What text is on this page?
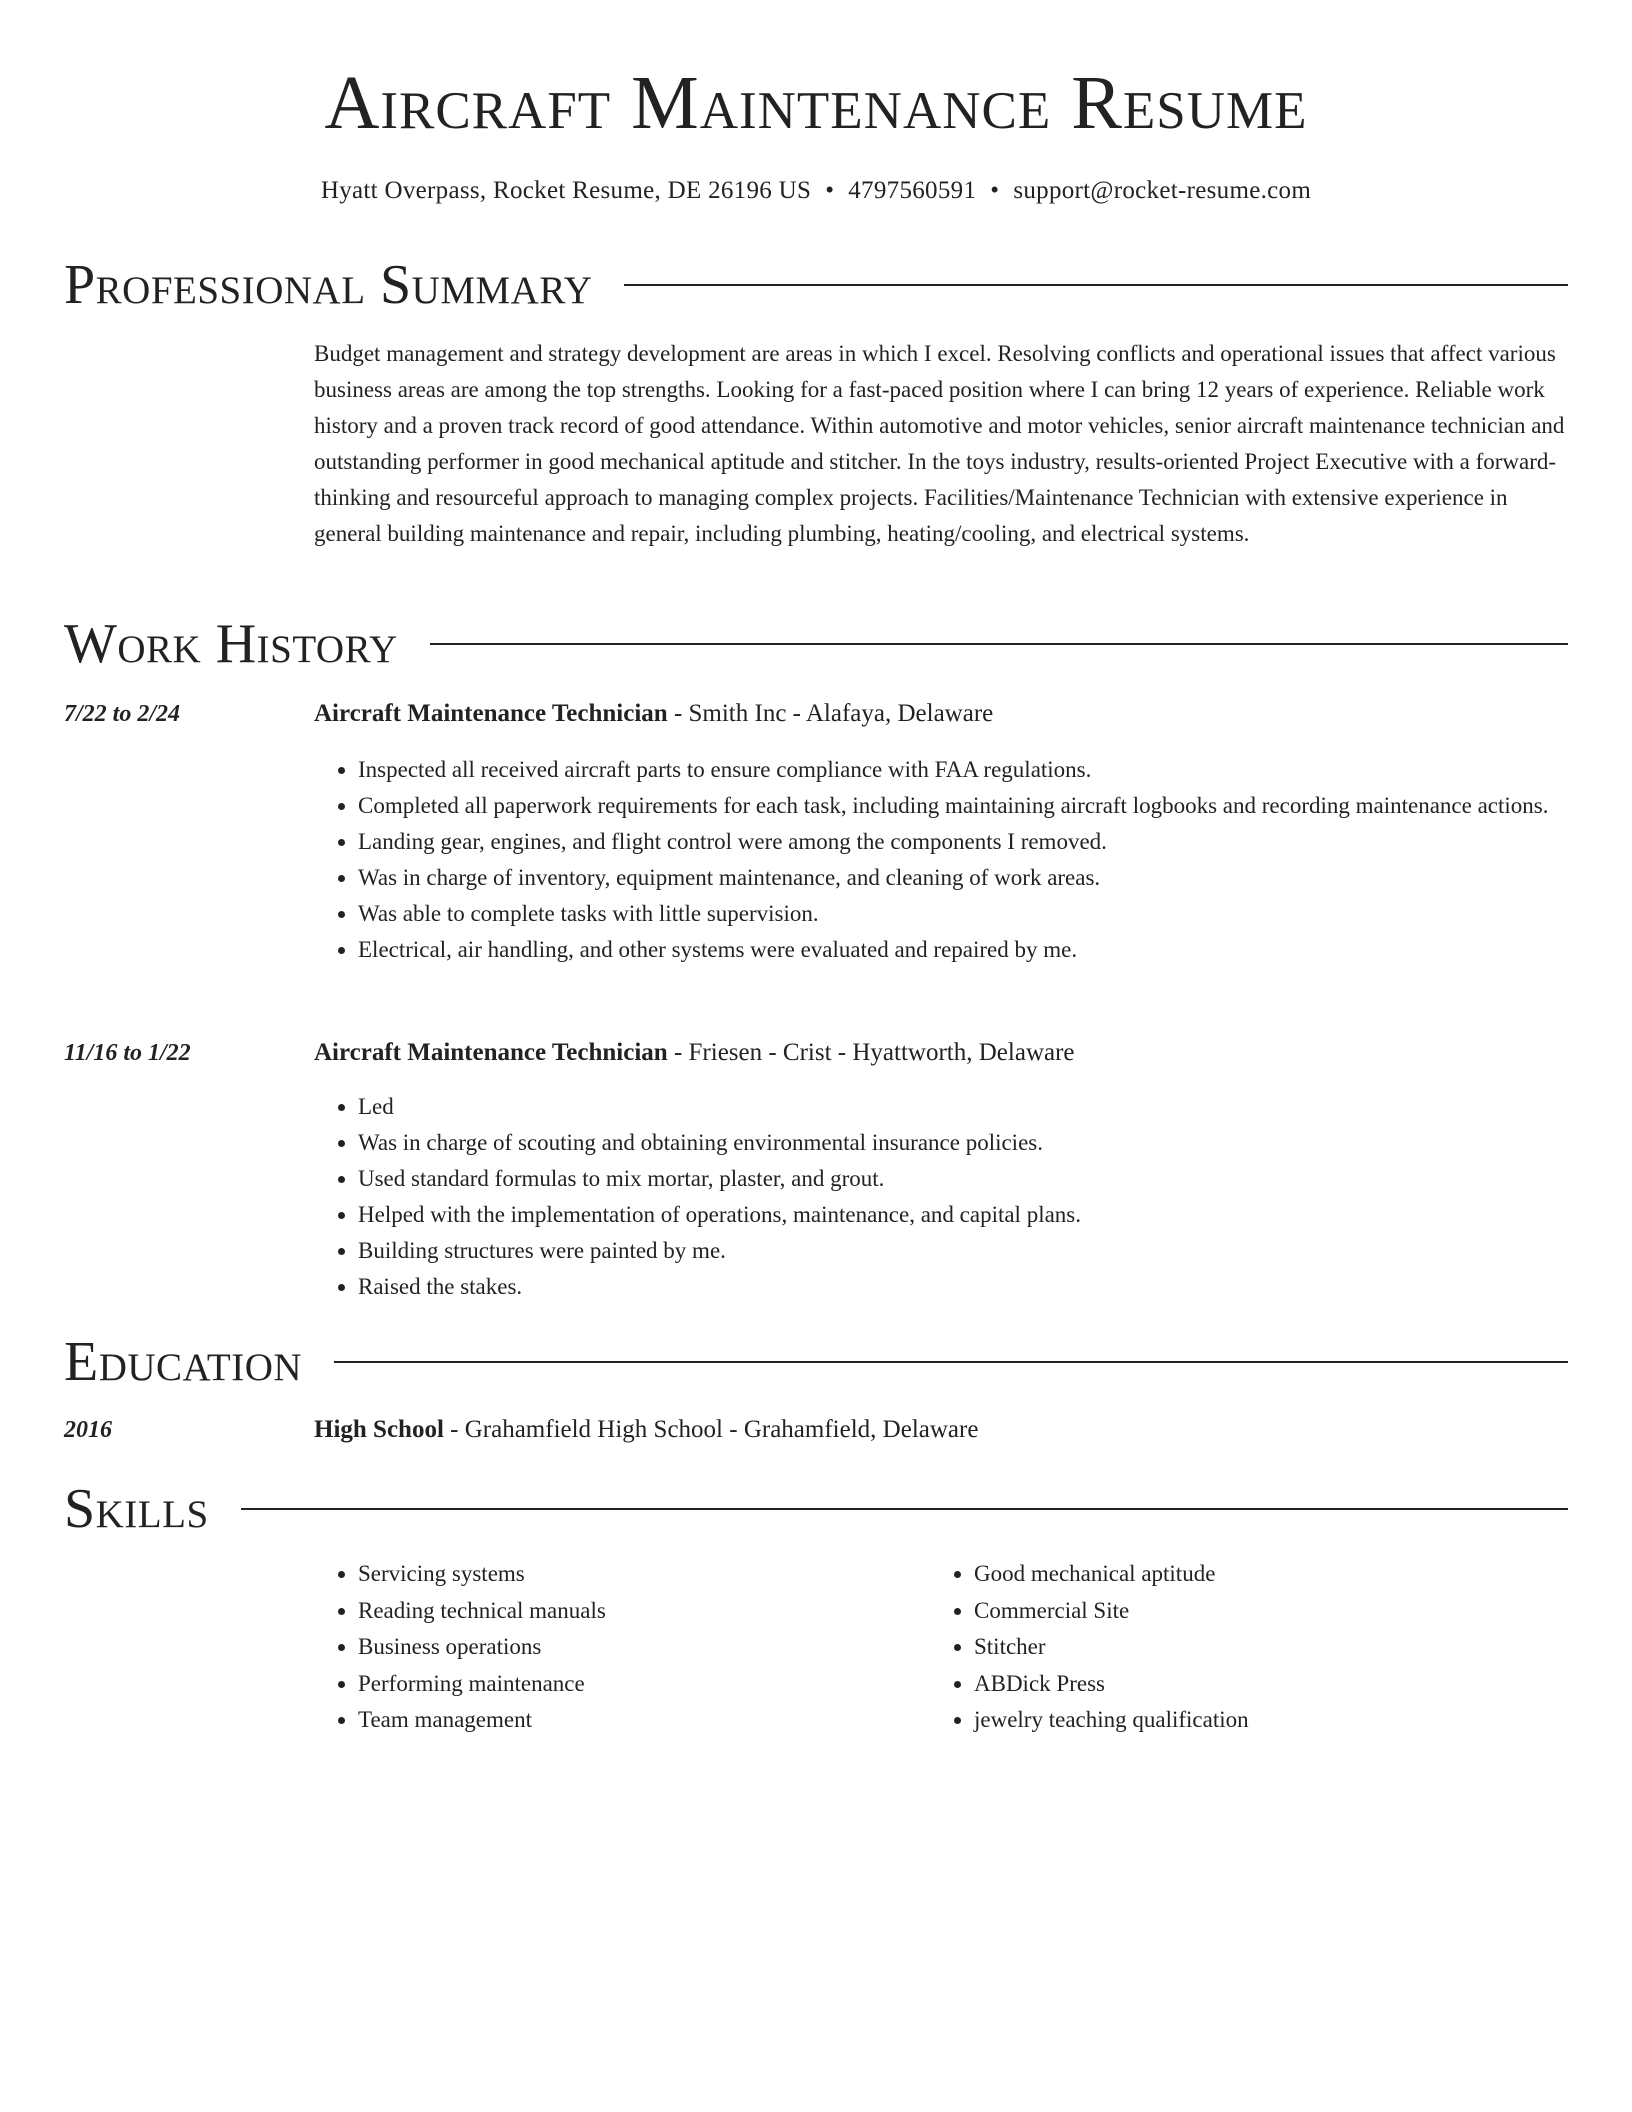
Aircraft Maintenance Resume
Hyatt Overpass, Rocket Resume, DE 26196 US • 4797560591 • support@rocket-resume.com
Professional Summary

Budget management and strategy development are areas in which I excel. Resolving conflicts and operational issues that affect various business areas are among the top strengths. Looking for a fast-paced position where I can bring 12 years of experience. Reliable work history and a proven track record of good attendance. Within automotive and motor vehicles, senior aircraft maintenance technician and outstanding performer in good mechanical aptitude and stitcher. In the toys industry, results-oriented Project Executive with a forward-thinking and resourceful approach to managing complex projects. Facilities/Maintenance Technician with extensive experience in general building maintenance and repair, including plumbing, heating/cooling, and electrical systems.

Work History
7/22 to 2/24	Aircraft Maintenance Technician - Smith Inc - Alafaya, Delaware
• Inspected all received aircraft parts to ensure compliance with FAA regulations.
• Completed all paperwork requirements for each task, including maintaining aircraft logbooks and recording maintenance actions.
• Landing gear, engines, and flight control were among the components I removed.
• Was in charge of inventory, equipment maintenance, and cleaning of work areas.
• Was able to complete tasks with little supervision.
• Electrical, air handling, and other systems were evaluated and repaired by me.
11/16 to 1/22	Aircraft Maintenance Technician - Friesen - Crist - Hyattworth, Delaware
• Led
• Was in charge of scouting and obtaining environmental insurance policies.
• Used standard formulas to mix mortar, plaster, and grout.
• Helped with the implementation of operations, maintenance, and capital plans.
• Building structures were painted by me.
• Raised the stakes.
Education
2016	High School - Grahamfield High School - Grahamfield, Delaware
Skills
• Servicing systems
• Reading technical manuals
• Business operations
• Performing maintenance
• Team management
• Good mechanical aptitude
• Commercial Site
• Stitcher
• ABDick Press
• jewelry teaching qualification
